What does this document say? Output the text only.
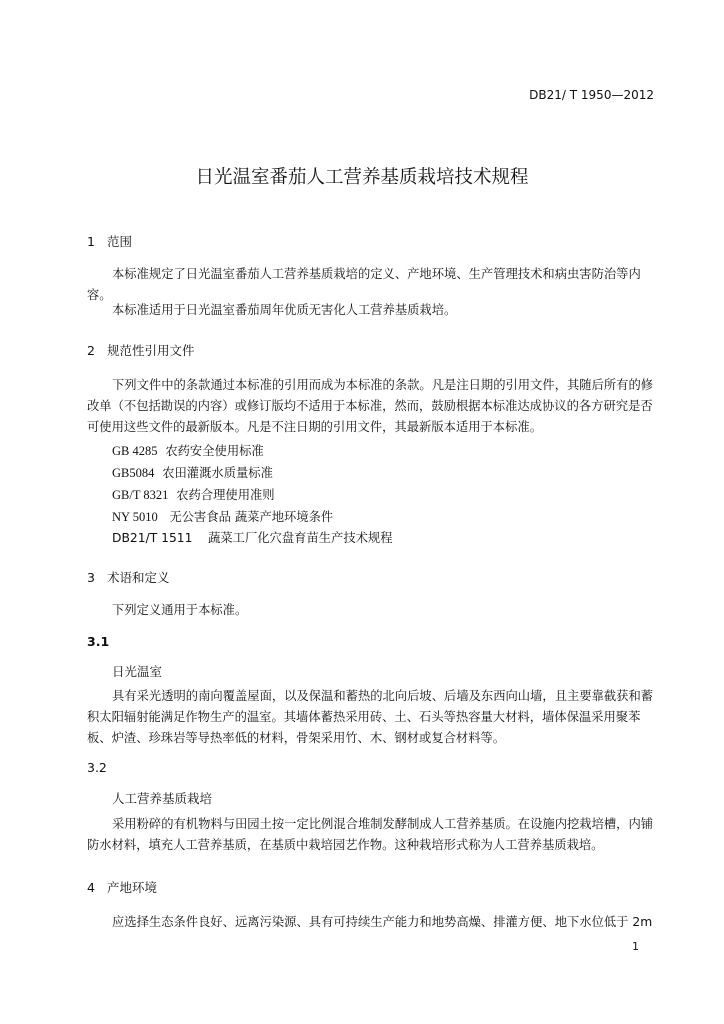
DB21/ T 1950—2012
日光温室番茄人工营养基质栽培技术规程
1 范围
本标准规定了日光温室番茄人工营养基质栽培的定义、产地环境、生产管理技术和病虫害防治等内容。
本标准适用于日光温室番茄周年优质无害化人工营养基质栽培。
2 规范性引用文件
下列文件中的条款通过本标准的引用而成为本标准的条款。凡是注日期的引用文件，其随后所有的修改单（不包括勘误的内容）或修订版均不适用于本标准，然而，鼓励根据本标准达成协议的各方研究是否可使用这些文件的最新版本。凡是不注日期的引用文件，其最新版本适用于本标准。
GB 4285 农药安全使用标准
GB5084 农田灌溉水质量标准
GB/T 8321 农药合理使用准则
NY 5010 无公害食品 蔬菜产地环境条件
DB21/T 1511 蔬菜工厂化穴盘育苗生产技术规程
3 术语和定义
下列定义通用于本标准。
3.1
日光温室
具有采光透明的南向覆盖屋面，以及保温和蓄热的北向后坡、后墙及东西向山墙，且主要靠截获和蓄积太阳辐射能满足作物生产的温室。其墙体蓄热采用砖、土、石头等热容量大材料，墙体保温采用聚苯板、炉渣、珍珠岩等导热率低的材料，骨架采用竹、木、钢材或复合材料等。
3.2
人工营养基质栽培
采用粉碎的有机物料与田园土按一定比例混合堆制发酵制成人工营养基质。在设施内挖栽培槽，内铺防水材料，填充人工营养基质，在基质中栽培园艺作物。这种栽培形式称为人工营养基质栽培。
4 产地环境
应选择生态条件良好、远离污染源、具有可持续生产能力和地势高燥、排灌方便、地下水位低于 2m
1
